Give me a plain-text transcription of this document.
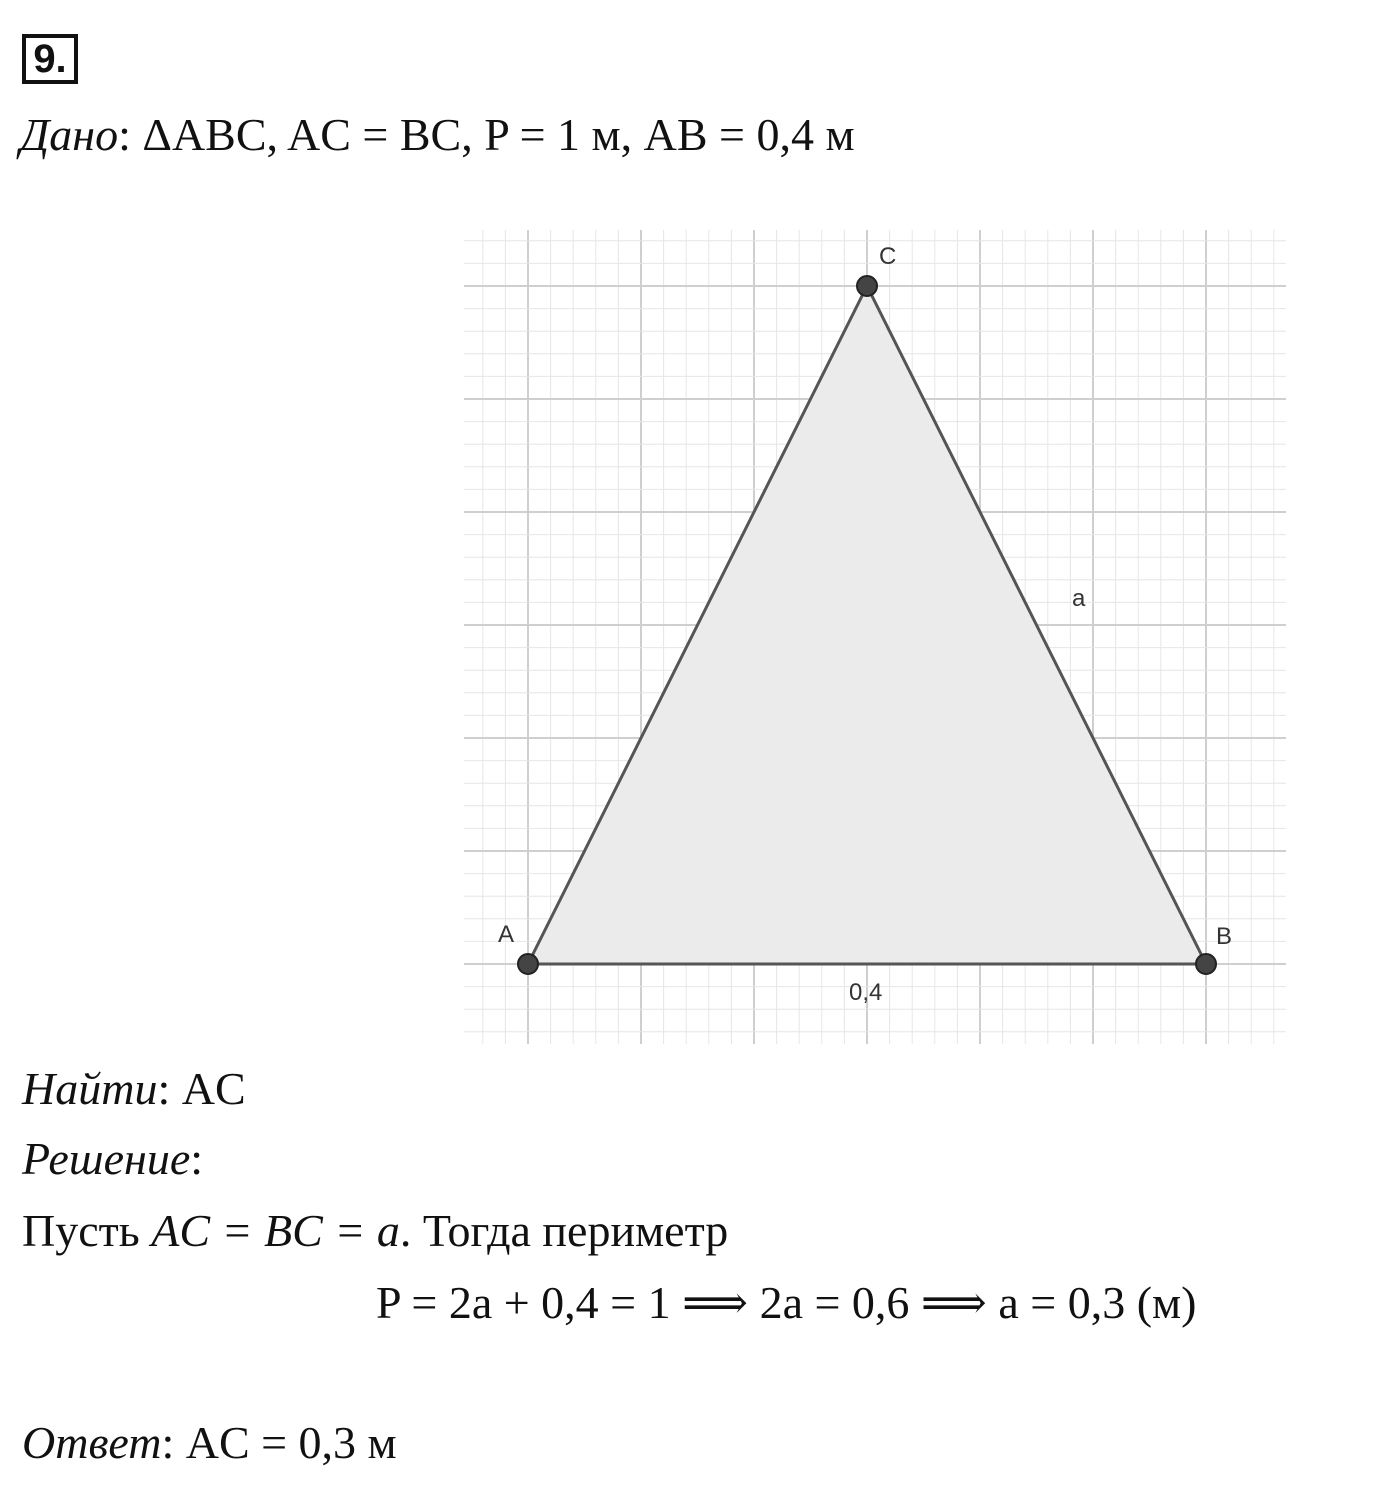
9.
Дано: ΔABC, AC = BC, P = 1 м, AB = 0,4 м
A	B
C
0,4
a
Найти: AC
Решение:
Пусть AC = BC = a. Тогда периметр
P = 2a + 0,4 = 1 ⟹ 2a = 0,6 ⟹ a = 0,3 (м)
Ответ: AC = 0,3 м
